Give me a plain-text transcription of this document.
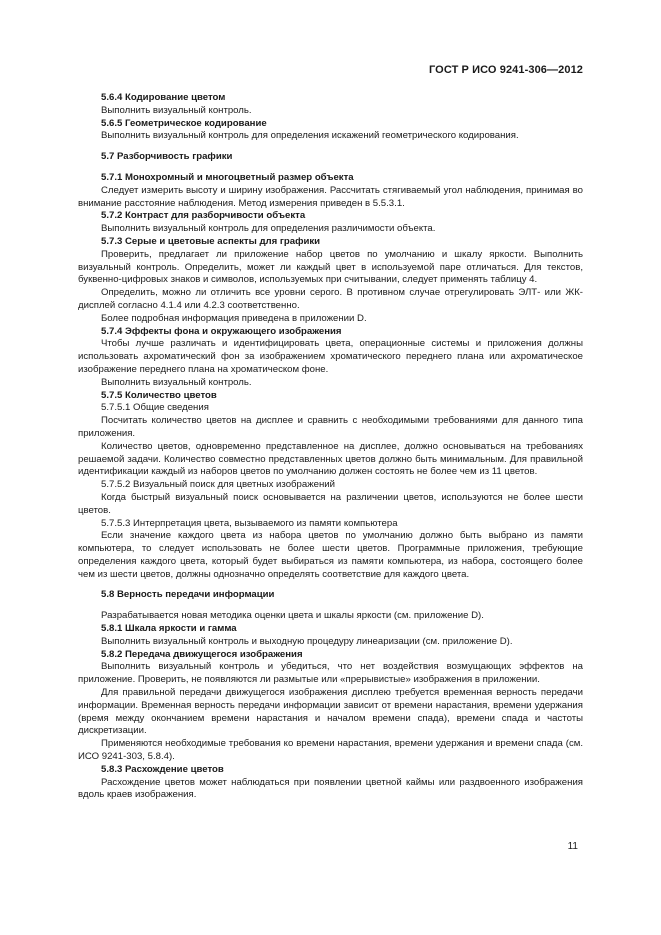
ГОСТ Р ИСО 9241-306—2012

5.6.4 Кодирование цветом

Выполнить визуальный контроль.

5.6.5 Геометрическое кодирование

Выполнить визуальный контроль для определения искажений геометрического кодирования.

5.7 Разборчивость графики

5.7.1 Монохромный и многоцветный размер объекта

Следует измерить высоту и ширину изображения. Рассчитать стягиваемый угол наблюдения, принимая во внимание расстояние наблюдения. Метод измерения приведен в 5.5.3.1.

5.7.2 Контраст для разборчивости объекта

Выполнить визуальный контроль для определения различимости объекта.

5.7.3 Серые и цветовые аспекты для графики

Проверить, предлагает ли приложение набор цветов по умолчанию и шкалу яркости. Выполнить визуальный контроль. Определить, может ли каждый цвет в используемой паре отличаться. Для текстов, буквенно-цифровых знаков и символов, используемых при считывании, следует применять таблицу 4.

Определить, можно ли отличить все уровни серого. В противном случае отрегулировать ЭЛТ- или ЖК-дисплей согласно 4.1.4 или 4.2.3 соответственно.

Более подробная информация приведена в приложении D.

5.7.4 Эффекты фона и окружающего изображения

Чтобы лучше различать и идентифицировать цвета, операционные системы и приложения должны использовать ахроматический фон за изображением хроматического переднего плана или ахроматическое изображение переднего плана на хроматическом фоне.

Выполнить визуальный контроль.

5.7.5 Количество цветов

5.7.5.1 Общие сведения

Посчитать количество цветов на дисплее и сравнить с необходимыми требованиями для данного типа приложения.

Количество цветов, одновременно представленное на дисплее, должно основываться на требованиях решаемой задачи. Количество совместно представленных цветов должно быть минимальным. Для правильной идентификации каждый из наборов цветов по умолчанию должен состоять не более чем из 11 цветов.

5.7.5.2 Визуальный поиск для цветных изображений

Когда быстрый визуальный поиск основывается на различении цветов, используются не более шести цветов.

5.7.5.3 Интерпретация цвета, вызываемого из памяти компьютера

Если значение каждого цвета из набора цветов по умолчанию должно быть выбрано из памяти компьютера, то следует использовать не более шести цветов. Программные приложения, требующие определения каждого цвета, который будет выбираться из памяти компьютера, из набора, состоящего более чем из шести цветов, должны однозначно определять соответствие для каждого цвета.

5.8 Верность передачи информации

Разрабатывается новая методика оценки цвета и шкалы яркости (см. приложение D).

5.8.1 Шкала яркости и гамма

Выполнить визуальный контроль и выходную процедуру линеаризации (см. приложение D).

5.8.2 Передача движущегося изображения

Выполнить визуальный контроль и убедиться, что нет воздействия возмущающих эффектов на приложение. Проверить, не появляются ли размытые или «прерывистые» изображения в приложении.

Для правильной передачи движущегося изображения дисплею требуется временная верность передачи информации. Временная верность передачи информации зависит от времени нарастания, времени удержания (время между окончанием времени нарастания и началом времени спада), времени спада и частоты дискретизации.

Применяются необходимые требования ко времени нарастания, времени удержания и времени спада (см. ИСО 9241-303, 5.8.4).

5.8.3 Расхождение цветов

Расхождение цветов может наблюдаться при появлении цветной каймы или раздвоенного изображения вдоль краев изображения.

11
